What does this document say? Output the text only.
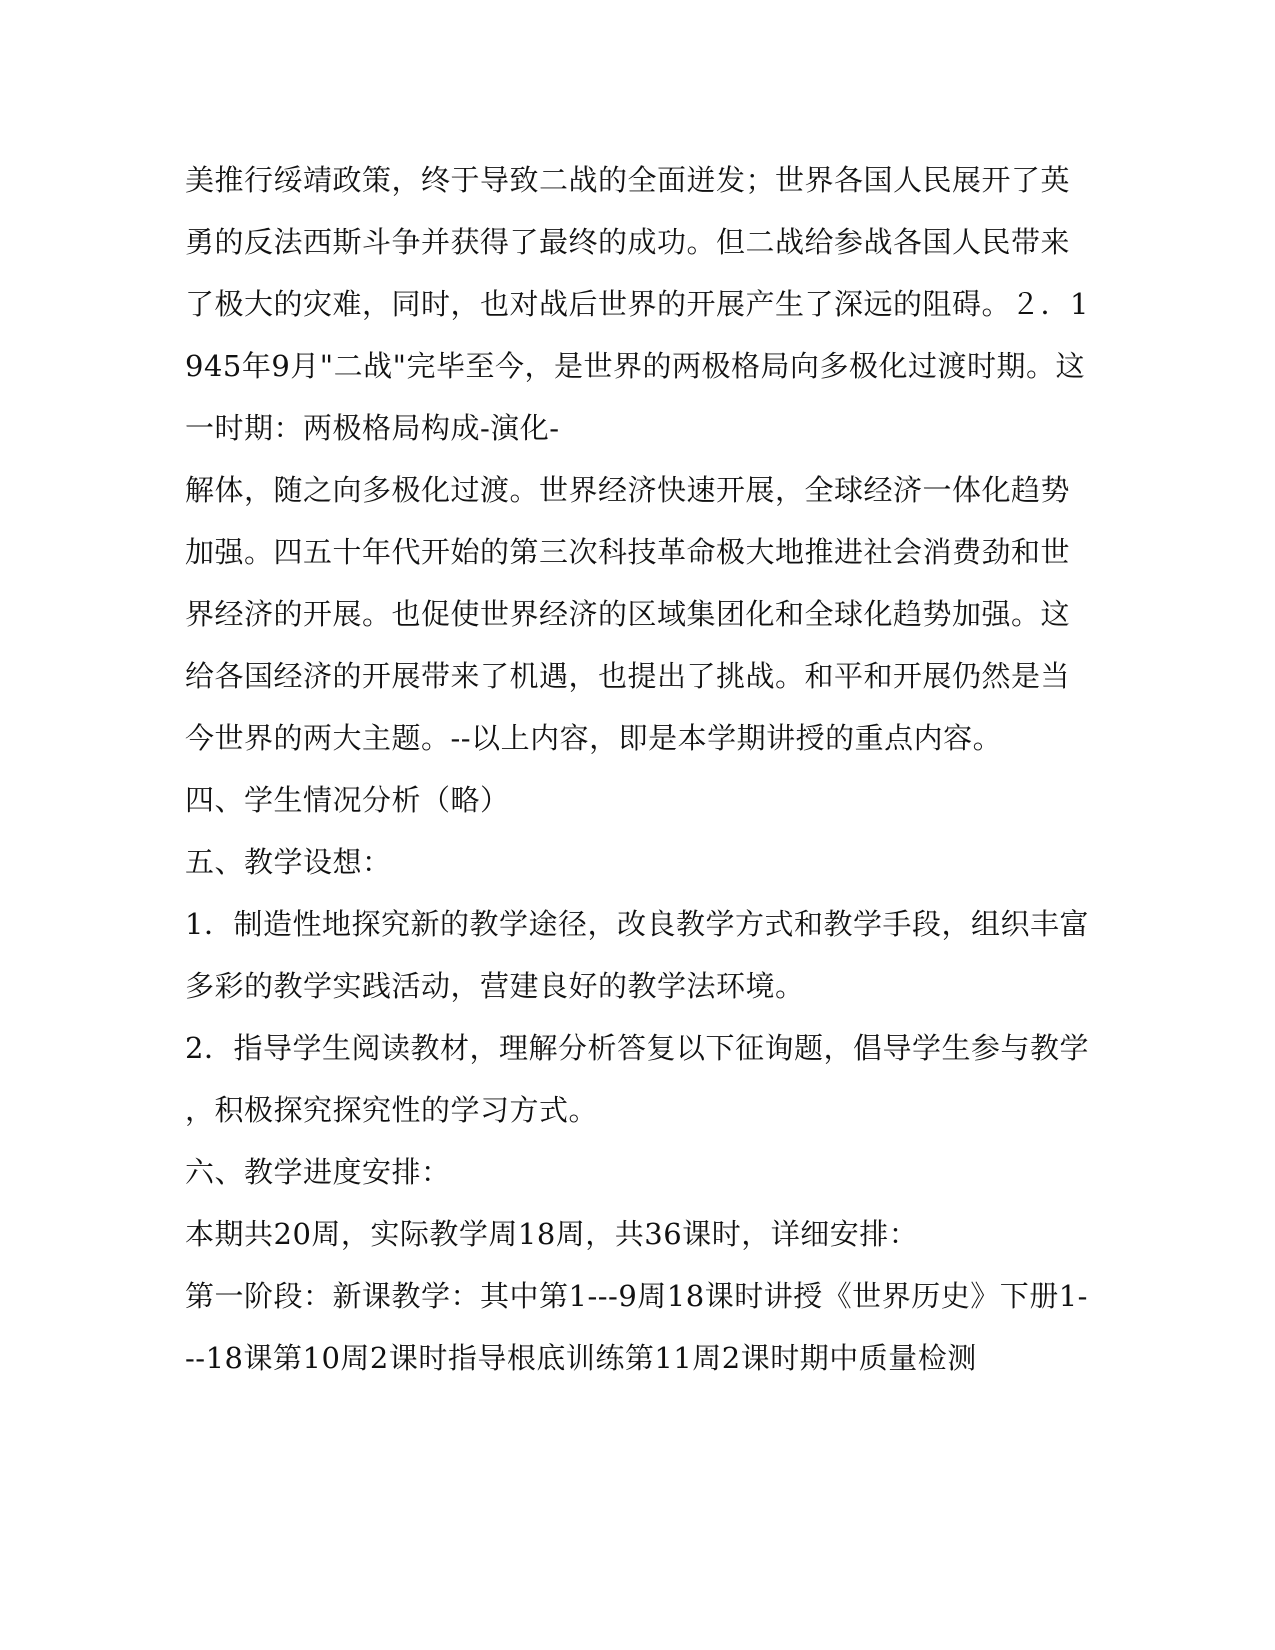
美推行绥靖政策，终于导致二战的全面迸发；世界各国人民展开了英

勇的反法西斯斗争并获得了最终的成功。但二战给参战各国人民带来

了极大的灾难，同时，也对战后世界的开展产生了深远的阻碍。２．1

945年9月"二战"完毕至今，是世界的两极格局向多极化过渡时期。这

一时期：两极格局构成-演化-

解体，随之向多极化过渡。世界经济快速开展，全球经济一体化趋势

加强。四五十年代开始的第三次科技革命极大地推进社会消费劲和世

界经济的开展。也促使世界经济的区域集团化和全球化趋势加强。这

给各国经济的开展带来了机遇，也提出了挑战。和平和开展仍然是当

今世界的两大主题。--以上内容，即是本学期讲授的重点内容。

四、学生情况分析（略）

五、教学设想：

1．制造性地探究新的教学途径，改良教学方式和教学手段，组织丰富

多彩的教学实践活动，营建良好的教学法环境。

2．指导学生阅读教材，理解分析答复以下征询题，倡导学生参与教学

，积极探究探究性的学习方式。

六、教学进度安排：

本期共20周，实际教学周18周，共36课时，详细安排：

第一阶段：新课教学：其中第1---9周18课时讲授《世界历史》下册1-

--18课第10周2课时指导根底训练第11周2课时期中质量检测
